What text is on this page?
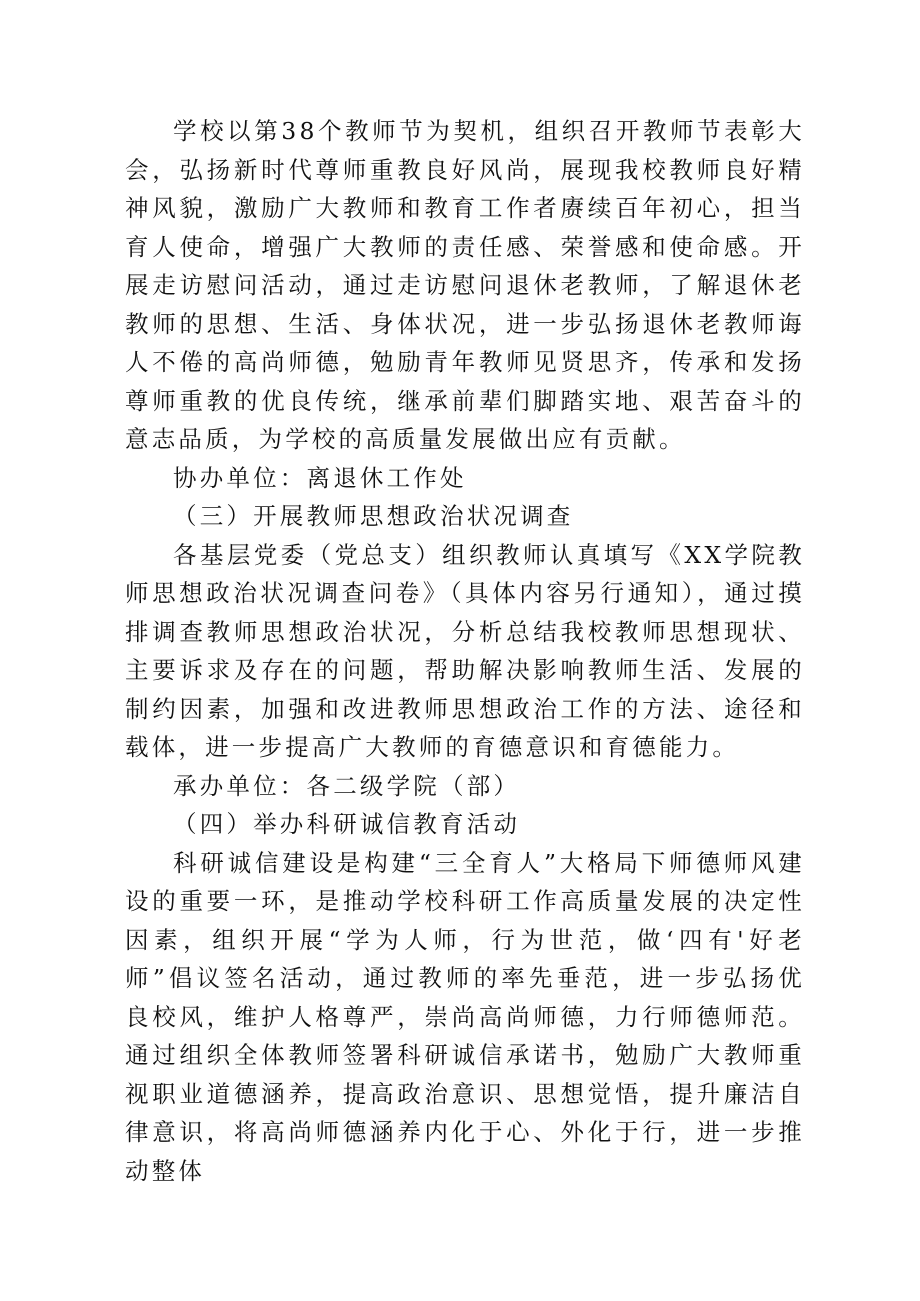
学校以第38个教师节为契机，组织召开教师节表彰大会，弘扬新时代尊师重教良好风尚，展现我校教师良好精神风貌，激励广大教师和教育工作者赓续百年初心，担当育人使命，增强广大教师的责任感、荣誉感和使命感。开展走访慰问活动，通过走访慰问退休老教师，了解退休老教师的思想、生活、身体状况，进一步弘扬退休老教师诲人不倦的高尚师德，勉励青年教师见贤思齐，传承和发扬尊师重教的优良传统，继承前辈们脚踏实地、艰苦奋斗的意志品质，为学校的高质量发展做出应有贡献。

协办单位：离退休工作处

（三）开展教师思想政治状况调查

各基层党委（党总支）组织教师认真填写《XX学院教师思想政治状况调查问卷》（具体内容另行通知），通过摸排调查教师思想政治状况，分析总结我校教师思想现状、主要诉求及存在的问题，帮助解决影响教师生活、发展的制约因素，加强和改进教师思想政治工作的方法、途径和载体，进一步提高广大教师的育德意识和育德能力。

承办单位：各二级学院（部）

（四）举办科研诚信教育活动

科研诚信建设是构建“三全育人”大格局下师德师风建设的重要一环，是推动学校科研工作高质量发展的决定性因素，组织开展“学为人师，行为世范，做‘四有'好老师”倡议签名活动，通过教师的率先垂范，进一步弘扬优良校风，维护人格尊严，崇尚高尚师德，力行师德师范。通过组织全体教师签署科研诚信承诺书，勉励广大教师重视职业道德涵养，提高政治意识、思想觉悟，提升廉洁自律意识，将高尚师德涵养内化于心、外化于行，进一步推动整体
